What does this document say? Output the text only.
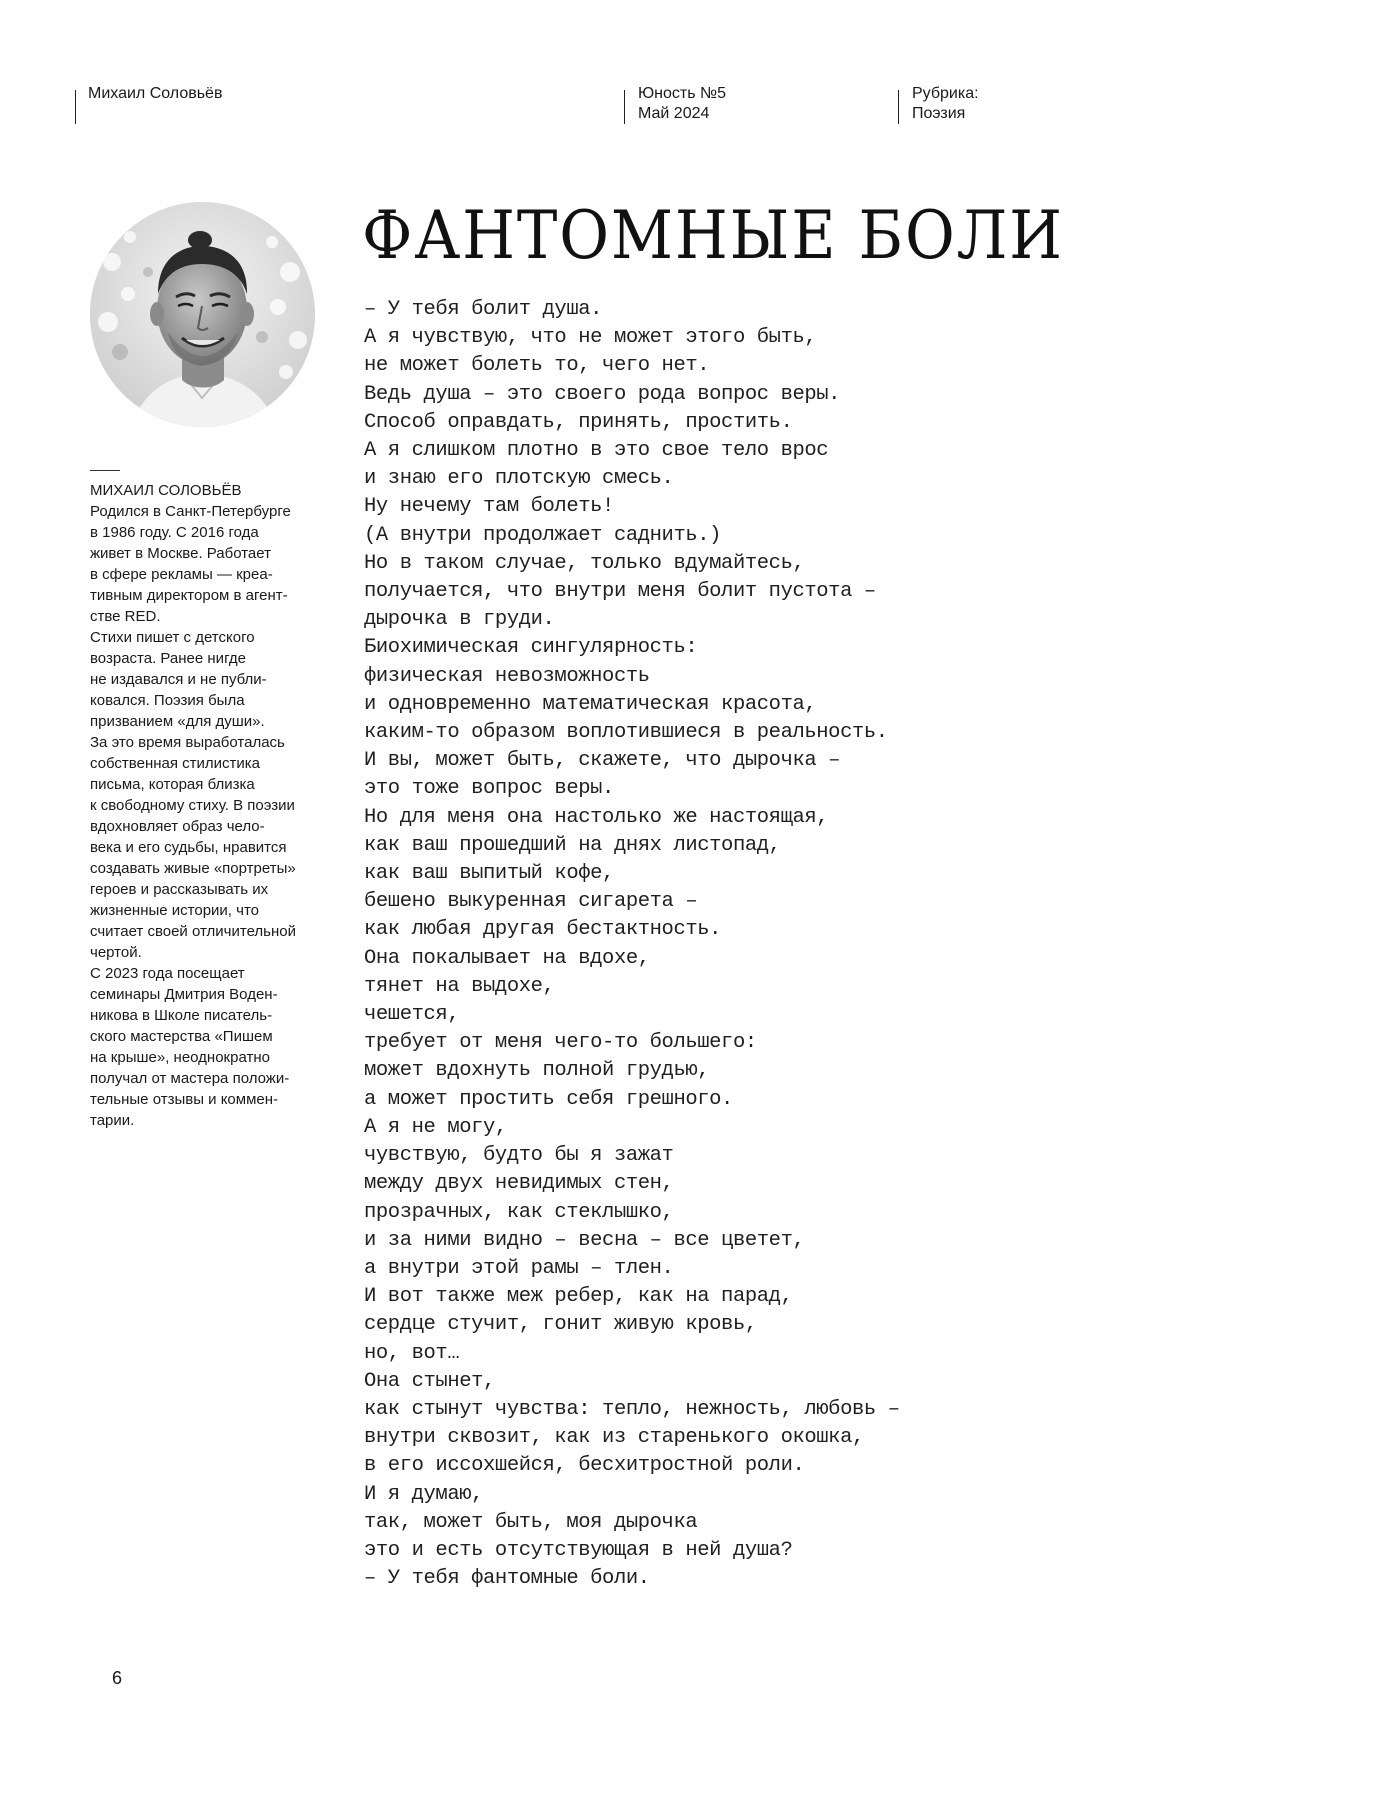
Михаил Соловьёв	Юность №5
Май 2024
Рубрика:
Поэзия
МИХАИЛ СОЛОВЬЁВ
Родился в Санкт-Петербурге
в 1986 году. С 2016 года
живет в Москве. Работает
в сфере рекламы — креа-
тивным директором в агент-
стве RED.
Стихи пишет с детского
возраста. Ранее нигде
не издавался и не публи-
ковался. Поэзия была
призванием «для души».
За это время выработалась
собственная стилистика
письма, которая близка
к свободному стиху. В поэзии
вдохновляет образ чело-
века и его судьбы, нравится
создавать живые «портреты»
героев и рассказывать их
жизненные истории, что
считает своей отличительной
чертой.
С 2023 года посещает
семинары Дмитрия Воден-
никова в Школе писатель-
ского мастерства «Пишем
на крыше», неоднократно
получал от мастера положи-
тельные отзывы и коммен-
тарии.
ФАНТОМНЫЕ БОЛИ
– У тебя болит душа.
А я чувствую, что не может этого быть,
не может болеть то, чего нет.
Ведь душа – это своего рода вопрос веры.
Способ оправдать, принять, простить.
А я слишком плотно в это свое тело врос
и знаю его плотскую смесь.
Ну нечему там болеть!
(А внутри продолжает саднить.)
Но в таком случае, только вдумайтесь,
получается, что внутри меня болит пустота –
дырочка в груди.
Биохимическая сингулярность:
физическая невозможность
и одновременно математическая красота,
каким-то образом воплотившиеся в реальность.
И вы, может быть, скажете, что дырочка –
это тоже вопрос веры.
Но для меня она настолько же настоящая,
как ваш прошедший на днях листопад,
как ваш выпитый кофе,
бешено выкуренная сигарета –
как любая другая бестактность.
Она покалывает на вдохе,
тянет на выдохе,
чешется,
требует от меня чего-то большего:
может вдохнуть полной грудью,
а может простить себя грешного.
А я не могу,
чувствую, будто бы я зажат
между двух невидимых стен,
прозрачных, как стеклышко,
и за ними видно – весна – все цветет,
а внутри этой рамы – тлен.
И вот также меж ребер, как на парад,
сердце стучит, гонит живую кровь,
но, вот…
Она стынет,
как стынут чувства: тепло, нежность, любовь –
внутри сквозит, как из старенького окошка,
в его иссохшейся, бесхитростной роли.
И я думаю,
так, может быть, моя дырочка
это и есть отсутствующая в ней душа?
– У тебя фантомные боли.
6
